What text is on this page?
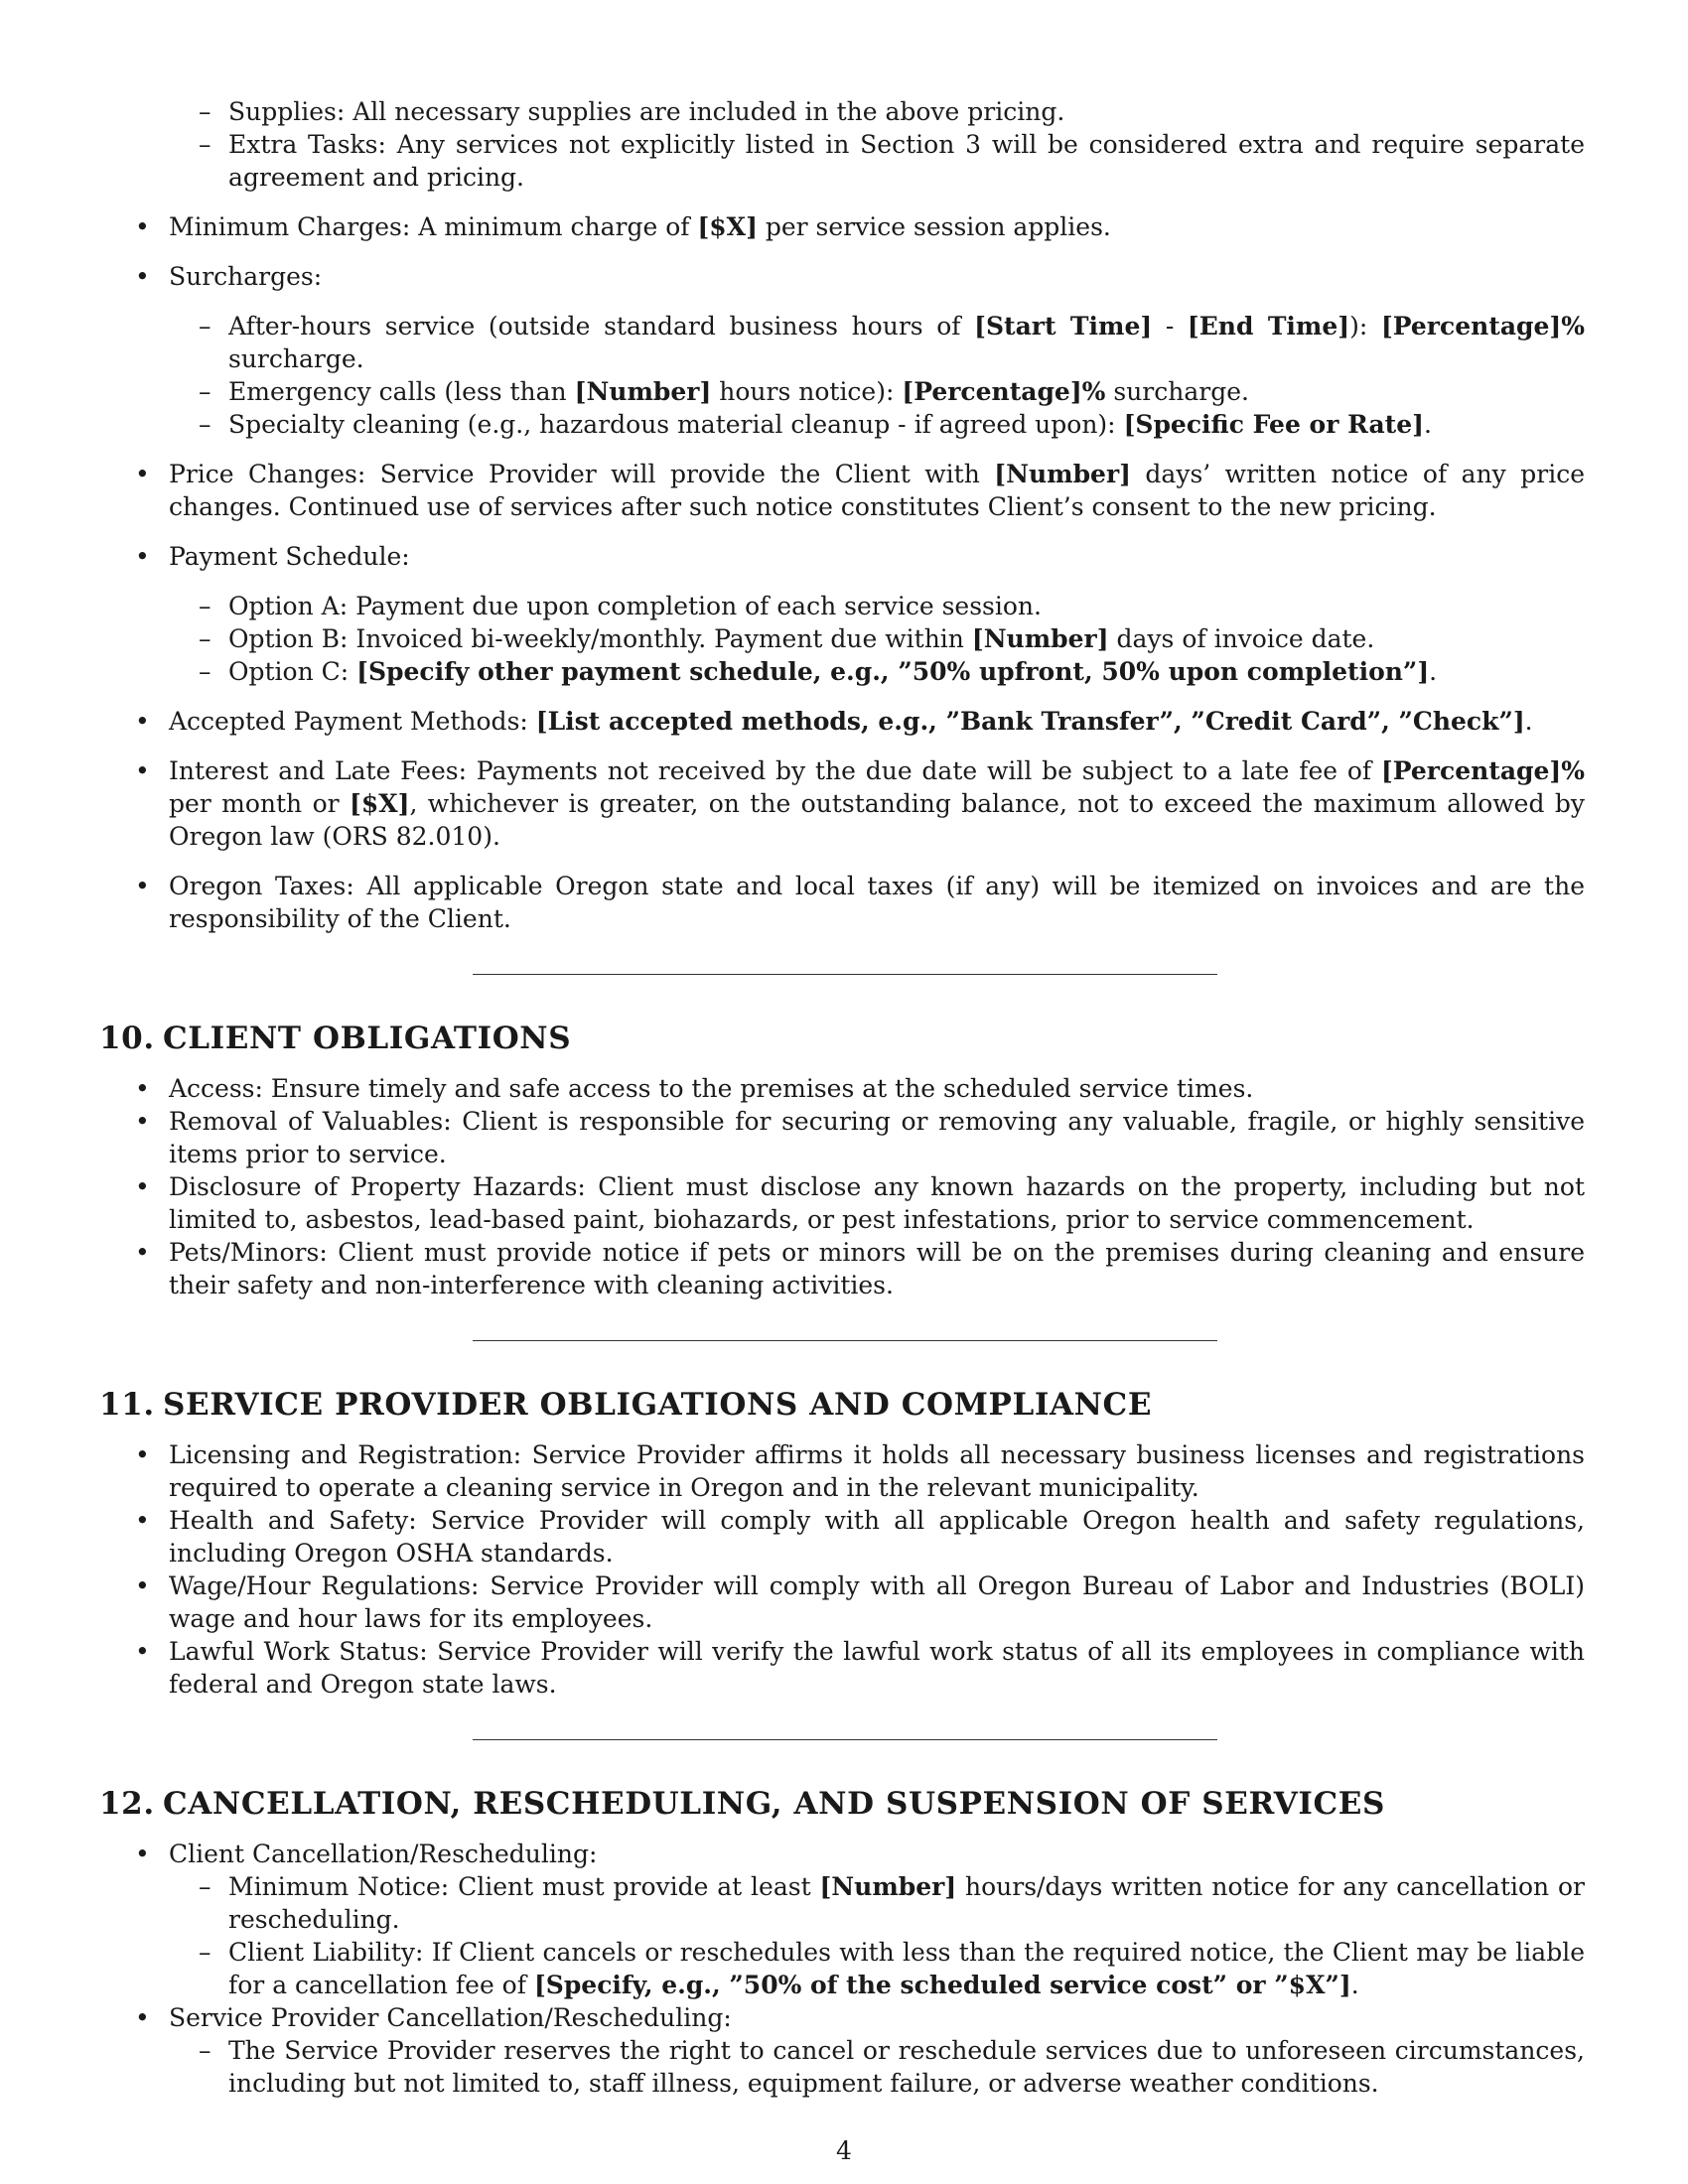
– Supplies: All necessary supplies are included in the above pricing.
– Extra Tasks: Any services not explicitly listed in Section 3 will be considered extra and require separate agreement and pricing.
• Minimum Charges: A minimum charge of [$X] per service session applies.
• Surcharges:
– After-hours service (outside standard business hours of [Start Time] - [End Time]): [Percentage]% surcharge.
– Emergency calls (less than [Number] hours notice): [Percentage]% surcharge.
– Specialty cleaning (e.g., hazardous material cleanup - if agreed upon): [Specific Fee or Rate].
• Price Changes: Service Provider will provide the Client with [Number] days’ written notice of any price changes. Continued use of services after such notice constitutes Client’s consent to the new pricing.
• Payment Schedule:
– Option A: Payment due upon completion of each service session.
– Option B: Invoiced bi-weekly/monthly. Payment due within [Number] days of invoice date.
– Option C: [Specify other payment schedule, e.g., ”50% upfront, 50% upon completion”].
• Accepted Payment Methods: [List accepted methods, e.g., ”Bank Transfer”, ”Credit Card”, ”Check”].
• Interest and Late Fees: Payments not received by the due date will be subject to a late fee of [Percentage]% per month or [$X], whichever is greater, on the outstanding balance, not to exceed the maximum allowed by Oregon law (ORS 82.010).
• Oregon Taxes: All applicable Oregon state and local taxes (if any) will be itemized on invoices and are the responsibility of the Client.
10. CLIENT OBLIGATIONS
• Access: Ensure timely and safe access to the premises at the scheduled service times.
• Removal of Valuables: Client is responsible for securing or removing any valuable, fragile, or highly sensitive items prior to service.
• Disclosure of Property Hazards: Client must disclose any known hazards on the property, including but not limited to, asbestos, lead-based paint, biohazards, or pest infestations, prior to service commencement.
• Pets/Minors: Client must provide notice if pets or minors will be on the premises during cleaning and ensure their safety and non-interference with cleaning activities.
11. SERVICE PROVIDER OBLIGATIONS AND COMPLIANCE
• Licensing and Registration: Service Provider affirms it holds all necessary business licenses and registrations required to operate a cleaning service in Oregon and in the relevant municipality.
• Health and Safety: Service Provider will comply with all applicable Oregon health and safety regulations, including Oregon OSHA standards.
• Wage/Hour Regulations: Service Provider will comply with all Oregon Bureau of Labor and Industries (BOLI) wage and hour laws for its employees.
• Lawful Work Status: Service Provider will verify the lawful work status of all its employees in compliance with federal and Oregon state laws.
12. CANCELLATION, RESCHEDULING, AND SUSPENSION OF SERVICES
• Client Cancellation/Rescheduling:
– Minimum Notice: Client must provide at least [Number] hours/days written notice for any cancellation or rescheduling.
– Client Liability: If Client cancels or reschedules with less than the required notice, the Client may be liable for a cancellation fee of [Specify, e.g., ”50% of the scheduled service cost” or ”$X”].
• Service Provider Cancellation/Rescheduling:
– The Service Provider reserves the right to cancel or reschedule services due to unforeseen circumstances, including but not limited to, staff illness, equipment failure, or adverse weather conditions.
4
